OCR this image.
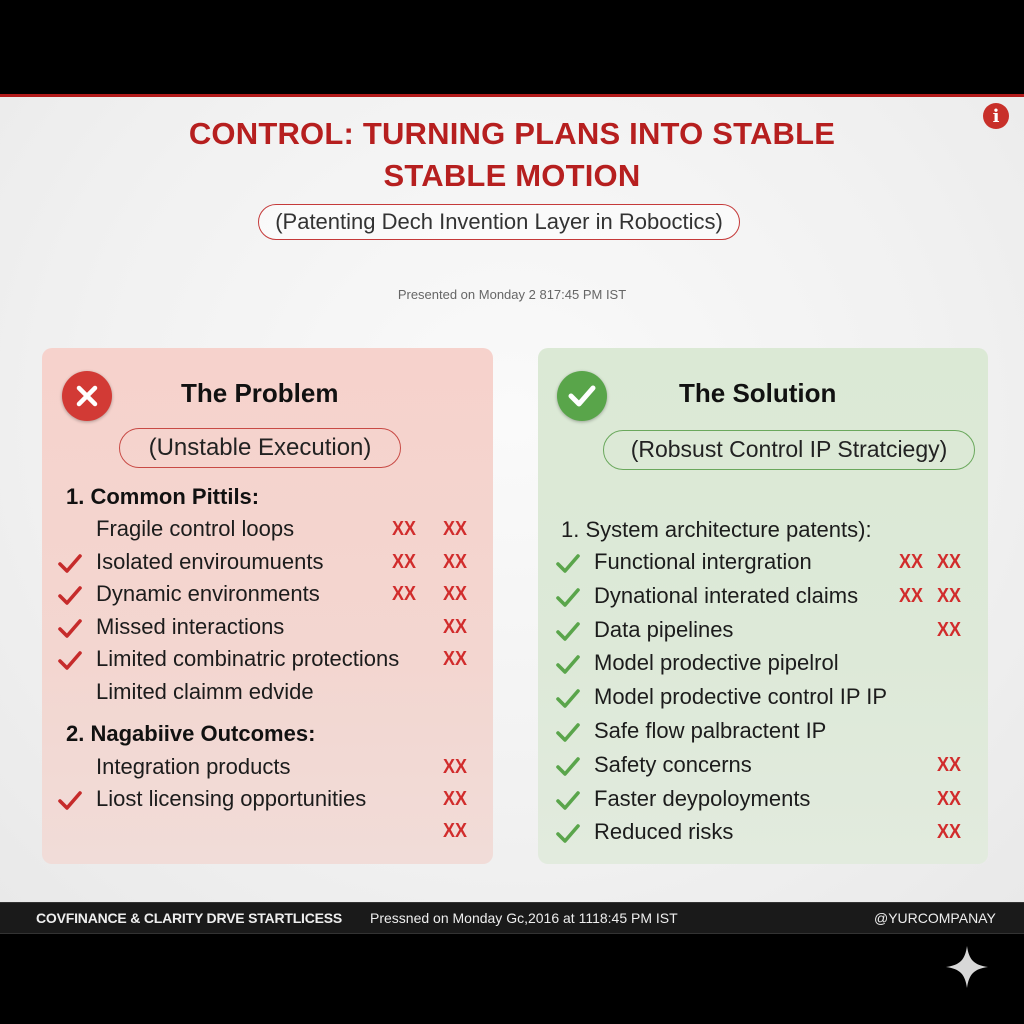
i
CONTROL: TURNING PLANS INTO STABLE
STABLE MOTION
(Patenting Dech Invention Layer in Roboctics)
Presented on Monday 2 817:45 PM IST
The Problem
(Unstable Execution)
1. Common Pittils:
Fragile control loops	XX XX
Isolated enviroumuents	XX XX
Dynamic environments	XX XX
Missed interactions	XX
Limited combinatric protections XX
Limited claimm edvide
2. Nagabiive Outcomes:
Integration products	XX
Liost licensing opportunities	XX
XX
The Solution
(Robsust Control IP Stratciegy)
1. System architecture patents):
Functional intergration	XX XX
Dynational interated claims XX XX
Data pipelines	XX
Model prodective pipelrol
Model prodective control IP IP
Safe flow palbractent IP
Safety concerns	XX
Faster deypoloyments	XX
Reduced risks	XX
COVFINANCE & CLARITY DRVE STARTLICESS Pressned on Monday Gc,2016 at 1118:45 PM IST	@YURCOMPANAY
